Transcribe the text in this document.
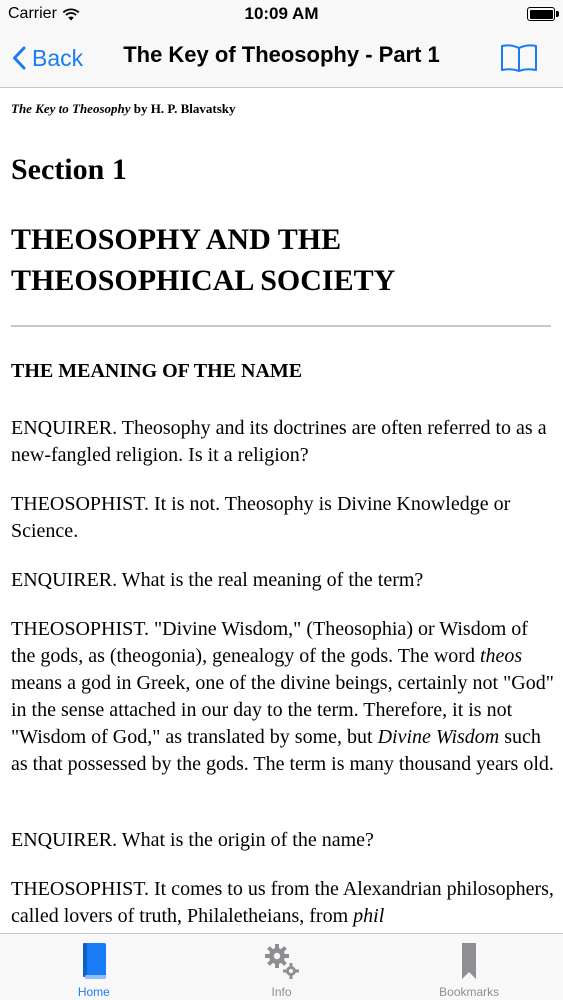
Carrier	10:09 AM
Back	The Key of Theosophy - Part 1
The Key to Theosophy by H. P. Blavatsky
Section 1
THEOSOPHY AND THE
THEOSOPHICAL SOCIETY
THE MEANING OF THE NAME
ENQUIRER. Theosophy and its doctrines are often referred to as a new-fangled religion. Is it a religion?
THEOSOPHIST. It is not. Theosophy is Divine Knowledge or Science.
ENQUIRER. What is the real meaning of the term?
THEOSOPHIST. "Divine Wisdom," (Theosophia) or Wisdom of the gods, as (theogonia), genealogy of the gods. The word theos means a god in Greek, one of the divine beings, certainly not "God" in the sense attached in our day to the term. Therefore, it is not "Wisdom of God," as translated by some, but Divine Wisdom such as that possessed by the gods. The term is many thousand years old.
ENQUIRER. What is the origin of the name?
THEOSOPHIST. It comes to us from the Alexandrian philosophers, called lovers of truth, Philaletheians, from phil
Home	Info	Bookmarks
